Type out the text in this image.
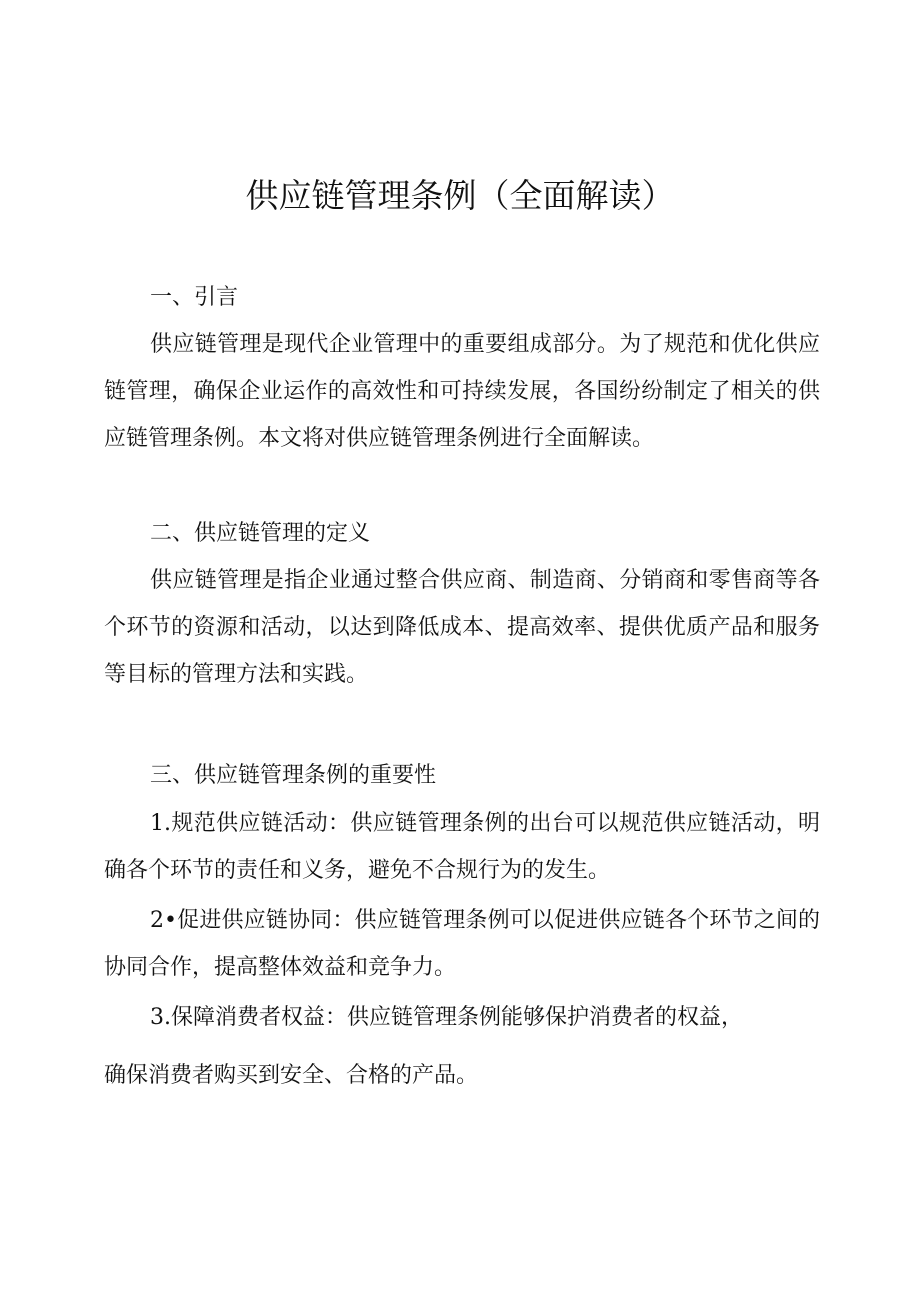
供应链管理条例（全面解读）
一、引言

供应链管理是现代企业管理中的重要组成部分。为了规范和优化供应链管理，确保企业运作的高效性和可持续发展，各国纷纷制定了相关的供应链管理条例。本文将对供应链管理条例进行全面解读。

二、供应链管理的定义

供应链管理是指企业通过整合供应商、制造商、分销商和零售商等各个环节的资源和活动，以达到降低成本、提高效率、提供优质产品和服务等目标的管理方法和实践。

三、供应链管理条例的重要性

1.规范供应链活动：供应链管理条例的出台可以规范供应链活动，明确各个环节的责任和义务，避免不合规行为的发生。

2•促进供应链协同：供应链管理条例可以促进供应链各个环节之间的协同合作，提高整体效益和竞争力。

3.保障消费者权益：供应链管理条例能够保护消费者的权益，

确保消费者购买到安全、合格的产品。
